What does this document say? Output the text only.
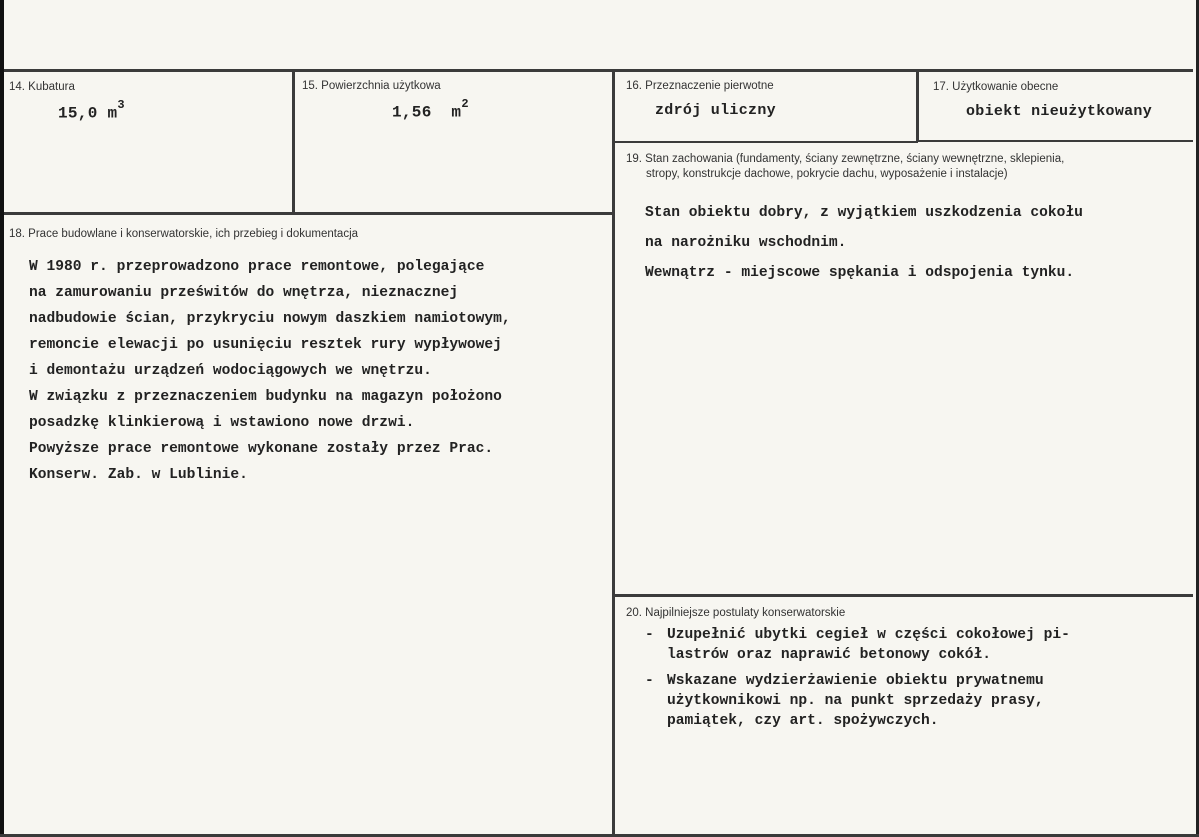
14. Kubatura
15,0 $m^3$
15. Powierzchnia użytkowa
1,56  $m^2$
16. Przeznaczenie pierwotne
zdrój uliczny
17. Użytkowanie obecne
obiekt nieużytkowany
18. Prace budowlane i konserwatorskie, ich przebieg i dokumentacja
W 1980 r. przeprowadzono prace remontowe, polegające
na zamurowaniu prześwitów do wnętrza, nieznacznej
nadbudowie ścian, przykryciu nowym daszkiem namiotowym,
remoncie elewacji po usunięciu resztek rury wypływowej
i demontażu urządzeń wodociągowych we wnętrzu.
W związku z przeznaczeniem budynku na magazyn położono
posadzkę klinkierową i wstawiono nowe drzwi.
Powyższe prace remontowe wykonane zostały przez Prac.
Konserw. Zab. w Lublinie.
19. Stan zachowania (fundamenty, ściany zewnętrzne, ściany wewnętrzne, sklepienia,
stropy, konstrukcje dachowe, pokrycie dachu, wyposażenie i instalacje)
Stan obiektu dobry, z wyjątkiem uszkodzenia cokołu
na narożniku wschodnim.
Wewnątrz - miejscowe spękania i odspojenia tynku.
20. Najpilniejsze postulaty konserwatorskie
- Uzupełnić ubytki cegieł w części cokołowej pi-
lastrów oraz naprawić betonowy cokół.
- Wskazane wydzierżawienie obiektu prywatnemu
użytkownikowi np. na punkt sprzedaży prasy,
pamiątek, czy art. spożywczych.
